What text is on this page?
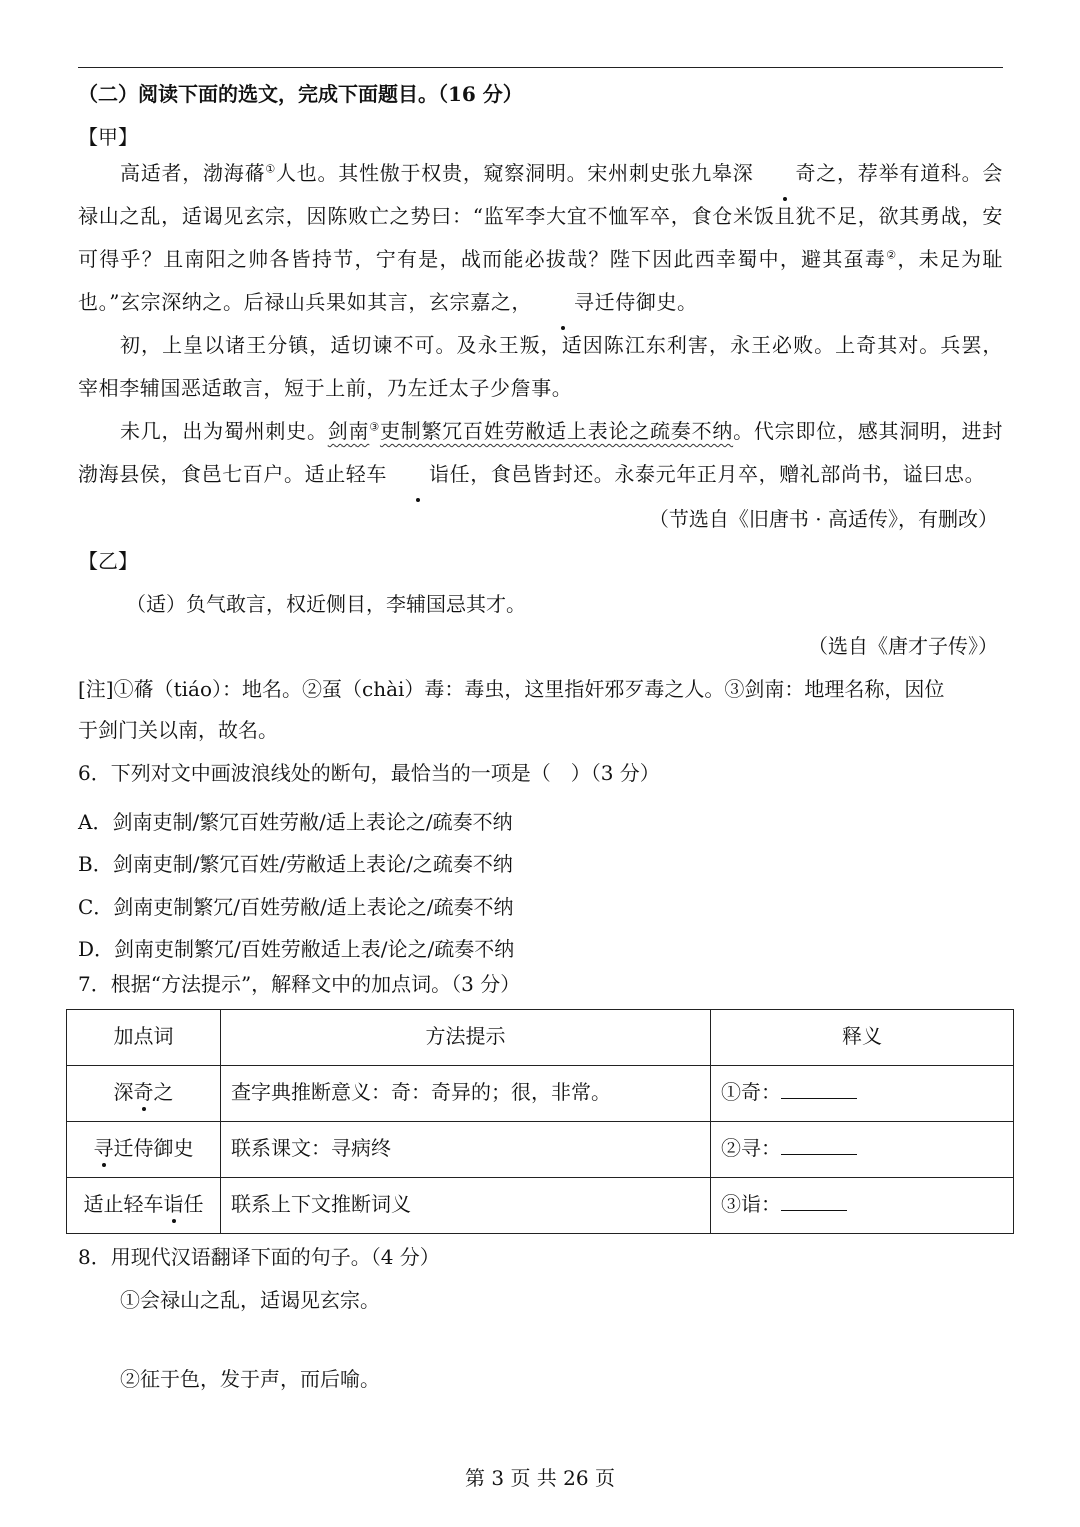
（二）阅读下面的选文，完成下面题目。（16 分）
【甲】
高适者，渤海蓨①人也。其性傲于权贵，窥察洞明。宋州刺史张九皋深 奇之，荐举有道科。会禄山之乱，适谒见玄宗，因陈败亡之势曰：“监军李大宜不恤军卒，食仓米饭且犹不足，欲其勇战，安可得乎？且南阳之帅各皆持节，宁有是，战而能必拔哉？陛下因此西幸蜀中，避其虿毒②，未足为耻也。”玄宗深纳之。后禄山兵果如其言，玄宗嘉之， 寻迁侍御史。
初，上皇以诸王分镇，适切谏不可。及永王叛，适因陈江东利害，永王必败。上奇其对。兵罢，宰相李辅国恶适敢言，短于上前，乃左迁太子少詹事。
未几，出为蜀州刺史。剑南③吏制繁冗百姓劳敝适上表论之疏奏不纳。代宗即位，感其洞明，进封渤海县侯，食邑七百户。适止轻车 诣任，食邑皆封还。永泰元年正月卒，赠礼部尚书，谥曰忠。
（节选自《旧唐书 · 高适传》，有删改）
【乙】
（适）负气敢言，权近侧目，李辅国忌其才。
（选自《唐才子传》）
[注]①蓨（tiáo）：地名。②虿（chài）毒：毒虫，这里指奸邪歹毒之人。③剑南：地理名称，因位
于剑门关以南，故名。
6．下列对文中画波浪线处的断句，最恰当的一项是（　）（3 分）
A．剑南吏制/繁冗百姓劳敝/适上表论之/疏奏不纳
B．剑南吏制/繁冗百姓/劳敝适上表论/之疏奏不纳
C．剑南吏制繁冗/百姓劳敝/适上表论之/疏奏不纳
D．剑南吏制繁冗/百姓劳敝适上表/论之/疏奏不纳
7．根据“方法提示”，解释文中的加点词。（3 分）
加点词	方法提示	释义
深奇之	查字典推断意义：奇：奇异的；很，非常。	①奇：
寻迁侍御史	联系课文：寻病终	②寻：
适止轻车诣任	联系上下文推断词义	③诣：
8．用现代汉语翻译下面的句子。（4 分）
①会禄山之乱，适谒见玄宗。
②征于色，发于声，而后喻。
第 3 页 共 26 页
